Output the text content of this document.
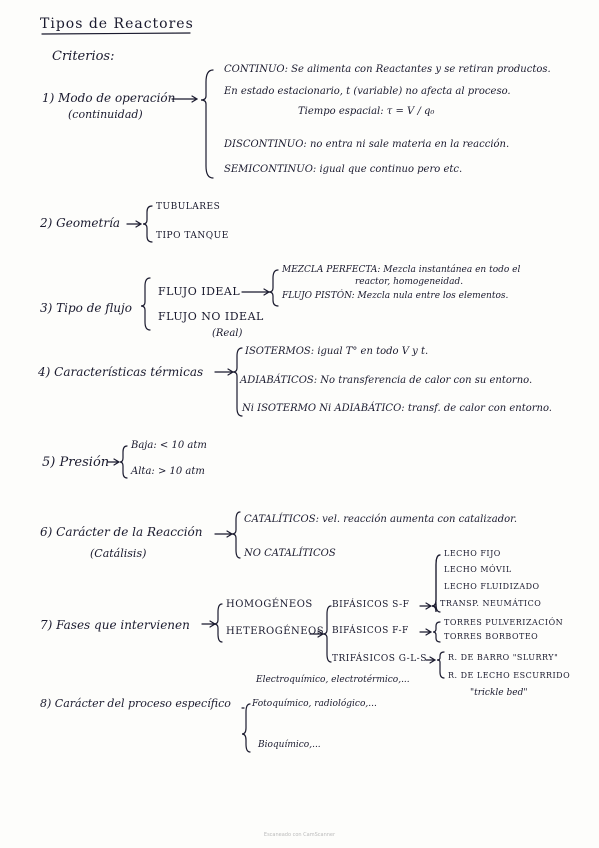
Tipos de Reactores
Criterios:
1) Modo de operación
(continuidad)
CONTINUO: Se alimenta con Reactantes y se retiran productos.
En estado estacionario, t (variable) no afecta al proceso.
Tiempo espacial: τ = V / q₀
DISCONTINUO: no entra ni sale materia en la reacción.
SEMICONTINUO: igual que continuo pero etc.
2) Geometría
TUBULARES
TIPO TANQUE
3) Tipo de flujo
FLUJO IDEAL
FLUJO NO IDEAL
(Real)
MEZCLA PERFECTA: Mezcla instantánea en todo el
reactor, homogeneidad.
FLUJO PISTÓN: Mezcla nula entre los elementos.
4) Características térmicas
ISOTERMOS: igual T° en todo V y t.
ADIABÁTICOS: No transferencia de calor con su entorno.
Ni ISOTERMO Ni ADIABÁTICO: transf. de calor con entorno.
5) Presión
Baja: < 10 atm
Alta: > 10 atm
6) Carácter de la Reacción
(Catálisis)
CATALÍTICOS: vel. reacción aumenta con catalizador.
NO CATALÍTICOS
7) Fases que intervienen
HOMOGÉNEOS
HETEROGÉNEOS
BIFÁSICOS S-F
BIFÁSICOS F-F
TRIFÁSICOS G-L-S
LECHO FIJO
LECHO MÓVIL
LECHO FLUIDIZADO
TRANSP. NEUMÁTICO
TORRES PULVERIZACIÓN
TORRES BORBOTEO
R. DE BARRO "SLURRY"
R. DE LECHO ESCURRIDO
"trickle bed"
8) Carácter del proceso específico
Electroquímico, electrotérmico,...
Fotoquímico, radiológico,...
Bioquímico,...
Escaneado con CamScanner
